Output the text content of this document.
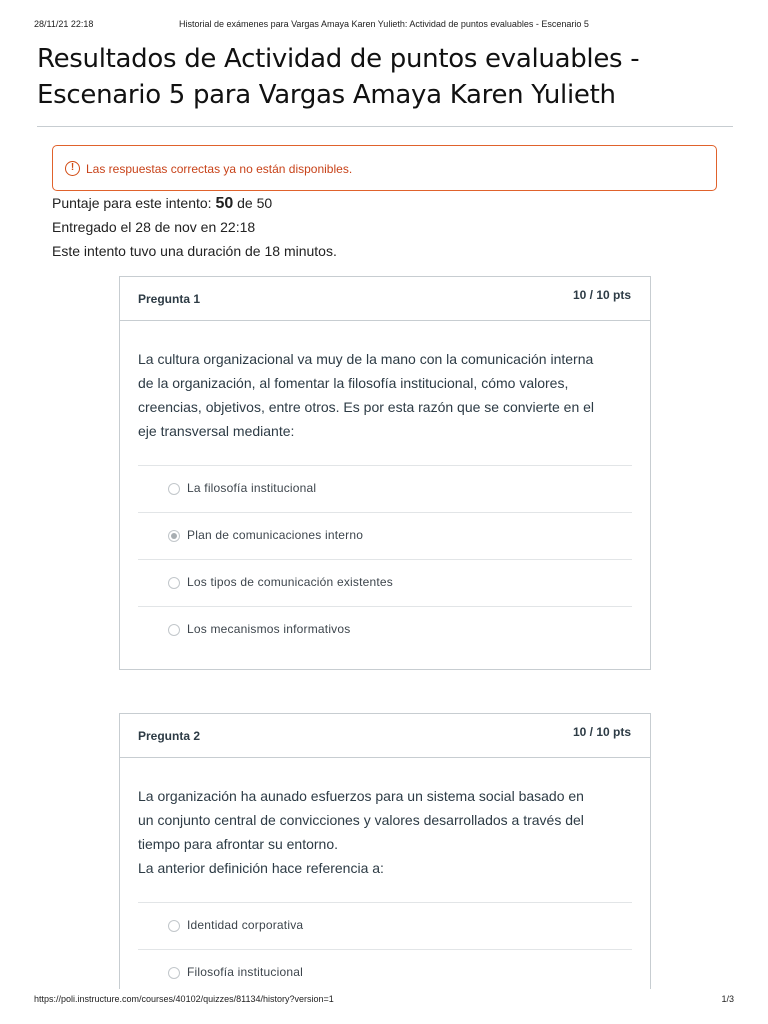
28/11/21 22:18	Historial de exámenes para Vargas Amaya Karen Yulieth: Actividad de puntos evaluables - Escenario 5
Resultados de Actividad de puntos evaluables -
Escenario 5 para Vargas Amaya Karen Yulieth
! Las respuestas correctas ya no están disponibles.
Puntaje para este intento: 50 de 50
Entregado el 28 de nov en 22:18
Este intento tuvo una duración de 18 minutos.
Pregunta 1	10 / 10 pts
La cultura organizacional va muy de la mano con la comunicación interna
de la organización, al fomentar la filosofía institucional, cómo valores,
creencias, objetivos, entre otros. Es por esta razón que se convierte en el
eje transversal mediante:
La filosofía institucional
Plan de comunicaciones interno
Los tipos de comunicación existentes
Los mecanismos informativos
Pregunta 2	10 / 10 pts
La organización ha aunado esfuerzos para un sistema social basado en
un conjunto central de convicciones y valores desarrollados a través del
tiempo para afrontar su entorno.
La anterior definición hace referencia a:
Identidad corporativa
Filosofía institucional
https://poli.instructure.com/courses/40102/quizzes/81134/history?version=1	1/3
